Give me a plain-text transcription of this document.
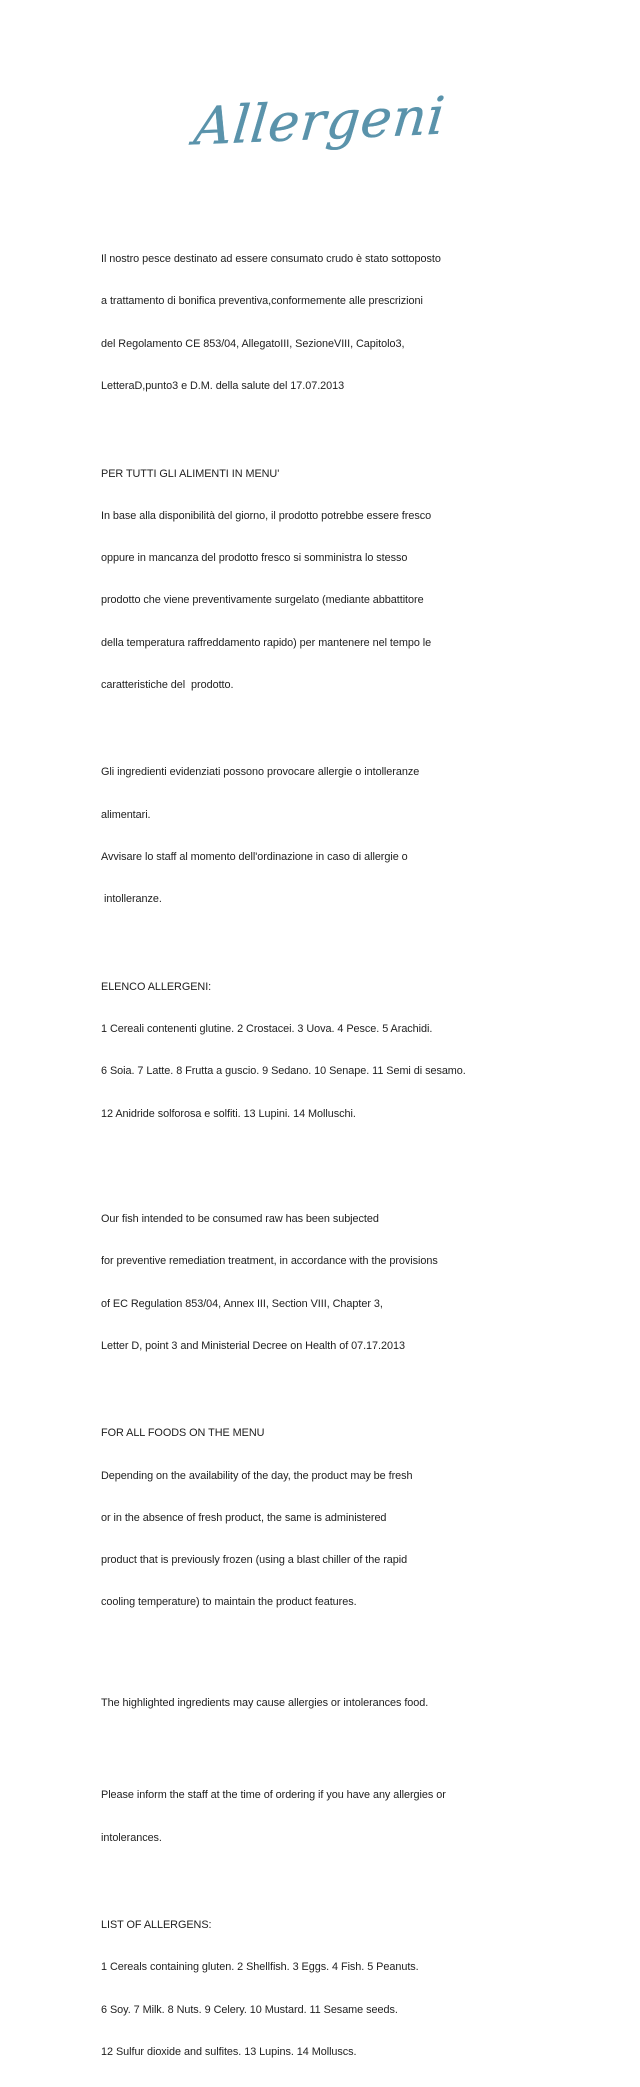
Allergeni

Il nostro pesce destinato ad essere consumato crudo è stato sottoposto

a trattamento di bonifica preventiva,conformemente alle prescrizioni

del Regolamento CE 853/04, AllegatoIII, SezioneVIII, Capitolo3,

LetteraD,punto3 e D.M. della salute del 17.07.2013

PER TUTTI GLI ALIMENTI IN MENU'

In base alla disponibilità del giorno, il prodotto potrebbe essere fresco

oppure in mancanza del prodotto fresco si somministra lo stesso

prodotto che viene preventivamente surgelato (mediante abbattitore

della temperatura raffreddamento rapido) per mantenere nel tempo le

caratteristiche del  prodotto.

Gli ingredienti evidenziati possono provocare allergie o intolleranze

alimentari.

Avvisare lo staff al momento dell'ordinazione in caso di allergie o

intolleranze.

ELENCO ALLERGENI:

1 Cereali contenenti glutine. 2 Crostacei. 3 Uova. 4 Pesce. 5 Arachidi.

6 Soia. 7 Latte. 8 Frutta a guscio. 9 Sedano. 10 Senape. 11 Semi di sesamo.

12 Anidride solforosa e solfiti. 13 Lupini. 14 Molluschi.

Our fish intended to be consumed raw has been subjected

for preventive remediation treatment, in accordance with the provisions

of EC Regulation 853/04, Annex III, Section VIII, Chapter 3,

Letter D, point 3 and Ministerial Decree on Health of 07.17.2013

FOR ALL FOODS ON THE MENU

Depending on the availability of the day, the product may be fresh

or in the absence of fresh product, the same is administered

product that is previously frozen (using a blast chiller of the rapid

cooling temperature) to maintain the product features.

The highlighted ingredients may cause allergies or intolerances food.

Please inform the staff at the time of ordering if you have any allergies or

intolerances.

LIST OF ALLERGENS:

1 Cereals containing gluten. 2 Shellfish. 3 Eggs. 4 Fish. 5 Peanuts.

6 Soy. 7 Milk. 8 Nuts. 9 Celery. 10 Mustard. 11 Sesame seeds.

12 Sulfur dioxide and sulfites. 13 Lupins. 14 Molluscs.
